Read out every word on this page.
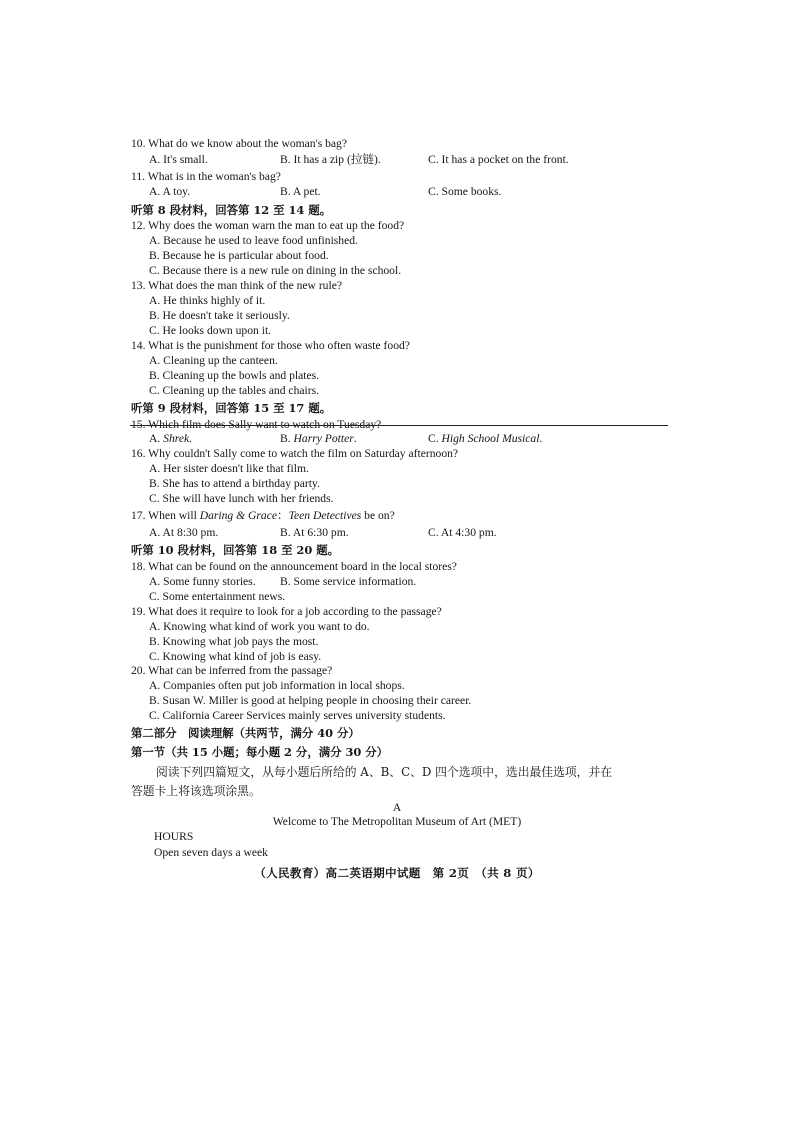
10. What do we know about the woman's bag?
A. It's small.	B. It has a zip (拉链).	C. It has a pocket on the front.
11. What is in the woman's bag?
A. A toy.	B. A pet.	C. Some books.
听第 8 段材料，回答第 12 至 14 题。
12. Why does the woman warn the man to eat up the food?
A. Because he used to leave food unfinished.
B. Because he is particular about food.
C. Because there is a new rule on dining in the school.
13. What does the man think of the new rule?
A. He thinks highly of it.
B. He doesn't take it seriously.
C. He looks down upon it.
14. What is the punishment for those who often waste food?
A. Cleaning up the canteen.
B. Cleaning up the bowls and plates.
C. Cleaning up the tables and chairs.
听第 9 段材料，回答第 15 至 17 题。
15. Which film does Sally want to watch on Tuesday?
A. Shrek.	B. Harry Potter.	C. High School Musical.
16. Why couldn't Sally come to watch the film on Saturday afternoon?
A. Her sister doesn't like that film.
B. She has to attend a birthday party.
C. She will have lunch with her friends.
17. When will Daring & Grace：Teen Detectives be on?
A. At 8:30 pm.	B. At 6:30 pm.	C. At 4:30 pm.
听第 10 段材料，回答第 18 至 20 题。
18. What can be found on the announcement board in the local stores?
A. Some funny stories. B. Some service information.
C. Some entertainment news.
19. What does it require to look for a job according to the passage?
A. Knowing what kind of work you want to do.
B. Knowing what job pays the most.
C. Knowing what kind of job is easy.
20. What can be inferred from the passage?
A. Companies often put job information in local shops.
B. Susan W. Miller is good at helping people in choosing their career.
C. California Career Services mainly serves university students.
第二部分　阅读理解（共两节，满分 40 分）
第一节（共 15 小题；每小题 2 分，满分 30 分）
阅读下列四篇短文，从每小题后所给的 A、B、C、D 四个选项中，选出最佳选项，并在
答题卡上将该选项涂黑。
A
Welcome to The Metropolitan Museum of Art (MET)
HOURS
Open seven days a week
（人民教育）高二英语期中试题　第 2页　（共 8 页）
